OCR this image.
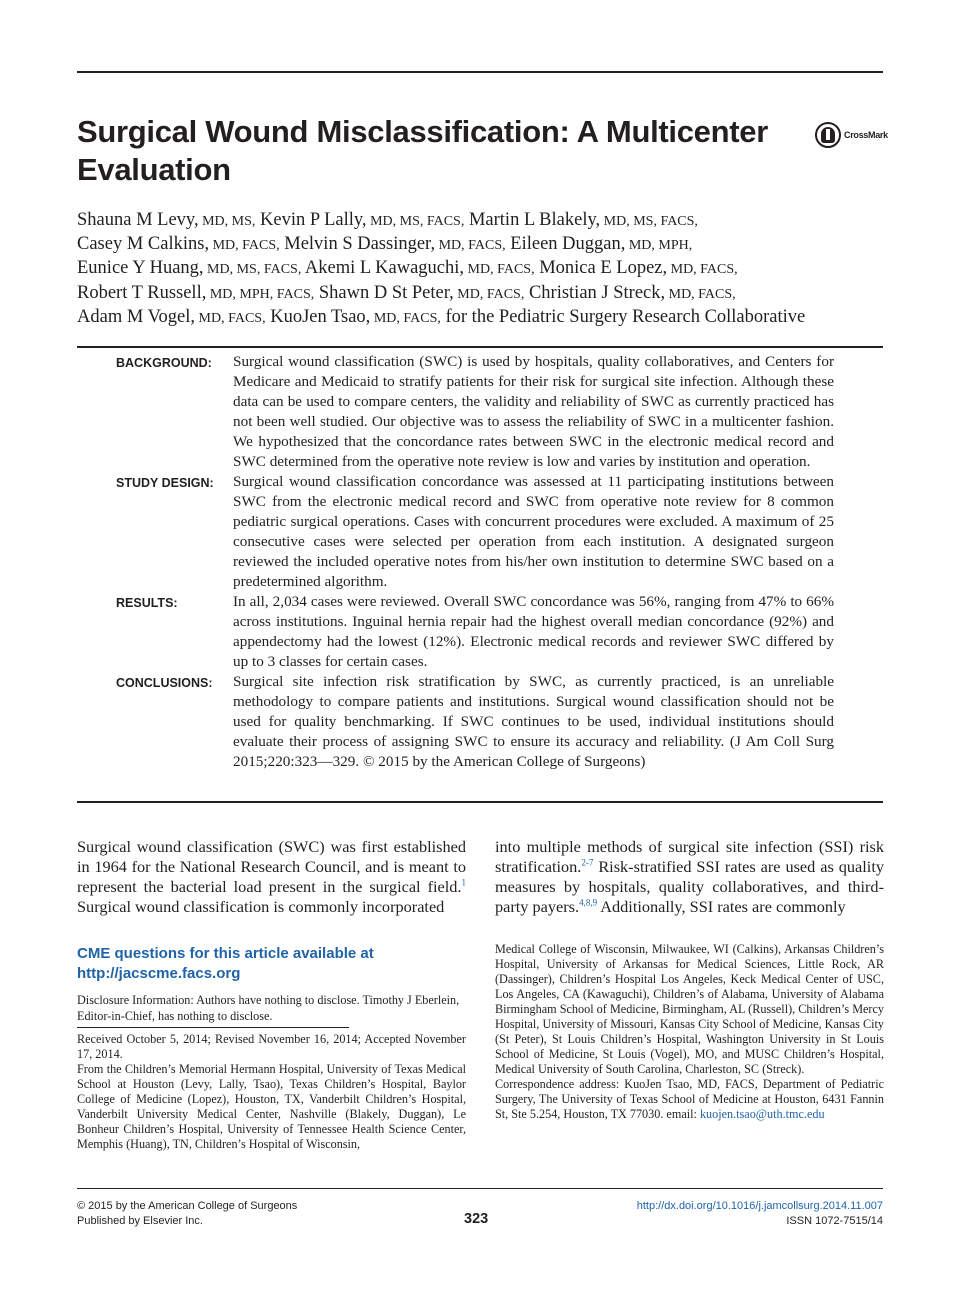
Surgical Wound Misclassification: A Multicenter
Evaluation
CrossMark
Shauna M Levy, MD, MS, Kevin P Lally, MD, MS, FACS, Martin L Blakely, MD, MS, FACS,
Casey M Calkins, MD, FACS, Melvin S Dassinger, MD, FACS, Eileen Duggan, MD, MPH,
Eunice Y Huang, MD, MS, FACS, Akemi L Kawaguchi, MD, FACS, Monica E Lopez, MD, FACS,
Robert T Russell, MD, MPH, FACS, Shawn D St Peter, MD, FACS, Christian J Streck, MD, FACS,
Adam M Vogel, MD, FACS, KuoJen Tsao, MD, FACS, for the Pediatric Surgery Research Collaborative
BACKGROUND:	Surgical wound classification (SWC) is used by hospitals, quality collaboratives, and Centers for Medicare and Medicaid to stratify patients for their risk for surgical site infection. Although these data can be used to compare centers, the validity and reliability of SWC as currently practiced has not been well studied. Our objective was to assess the reliability of SWC in a multicenter fashion. We hypothesized that the concordance rates between SWC in the electronic medical record and SWC determined from the operative note review is low and varies by institution and operation.
STUDY DESIGN:	Surgical wound classification concordance was assessed at 11 participating institutions between SWC from the electronic medical record and SWC from operative note review for 8 common pediatric surgical operations. Cases with concurrent procedures were excluded. A maximum of 25 consecutive cases were selected per operation from each institution. A designated surgeon reviewed the included operative notes from his/her own institution to determine SWC based on a predetermined algorithm.
RESULTS:	In all, 2,034 cases were reviewed. Overall SWC concordance was 56%, ranging from 47% to 66% across institutions. Inguinal hernia repair had the highest overall median concordance (92%) and appendectomy had the lowest (12%). Electronic medical records and reviewer SWC differed by up to 3 classes for certain cases.
CONCLUSIONS:	Surgical site infection risk stratification by SWC, as currently practiced, is an unreliable methodology to compare patients and institutions. Surgical wound classification should not be used for quality benchmarking. If SWC continues to be used, individual institutions should evaluate their process of assigning SWC to ensure its accuracy and reliability. (J Am Coll Surg 2015;220:323—329. © 2015 by the American College of Surgeons)
Surgical wound classification (SWC) was first established in 1964 for the National Research Council, and is meant to represent the bacterial load present in the surgical field.$^1$ Surgical wound classification is commonly incorporated
into multiple methods of surgical site infection (SSI) risk stratification.$^{2-7}$ Risk-stratified SSI rates are used as quality measures by hospitals, quality collaboratives, and third-party payers.$^{4,8,9}$ Additionally, SSI rates are commonly
CME questions for this article available at
http://jacscme.facs.org
Disclosure Information: Authors have nothing to disclose. Timothy J Eberlein, Editor-in-Chief, has nothing to disclose.
Received October 5, 2014; Revised November 16, 2014; Accepted November 17, 2014.
From the Children’s Memorial Hermann Hospital, University of Texas Medical School at Houston (Levy, Lally, Tsao), Texas Children’s Hospital, Baylor College of Medicine (Lopez), Houston, TX, Vanderbilt Children’s Hospital, Vanderbilt University Medical Center, Nashville (Blakely, Duggan), Le Bonheur Children’s Hospital, University of Tennessee Health Science Center, Memphis (Huang), TN, Children’s Hospital of Wisconsin,

Medical College of Wisconsin, Milwaukee, WI (Calkins), Arkansas Children’s Hospital, University of Arkansas for Medical Sciences, Little Rock, AR (Dassinger), Children’s Hospital Los Angeles, Keck Medical Center of USC, Los Angeles, CA (Kawaguchi), Children’s of Alabama, University of Alabama Birmingham School of Medicine, Birmingham, AL (Russell), Children’s Mercy Hospital, University of Missouri, Kansas City School of Medicine, Kansas City (St Peter), St Louis Children’s Hospital, Washington University in St Louis School of Medicine, St Louis (Vogel), MO, and MUSC Children’s Hospital, Medical University of South Carolina, Charleston, SC (Streck).

Correspondence address: KuoJen Tsao, MD, FACS, Department of Pediatric Surgery, The University of Texas School of Medicine at Houston, 6431 Fannin St, Ste 5.254, Houston, TX 77030. email: kuojen.tsao@uth.tmc.edu

© 2015 by the American College of Surgeons
Published by Elsevier Inc.	323
http://dx.doi.org/10.1016/j.jamcollsurg.2014.11.007
ISSN 1072-7515/14
